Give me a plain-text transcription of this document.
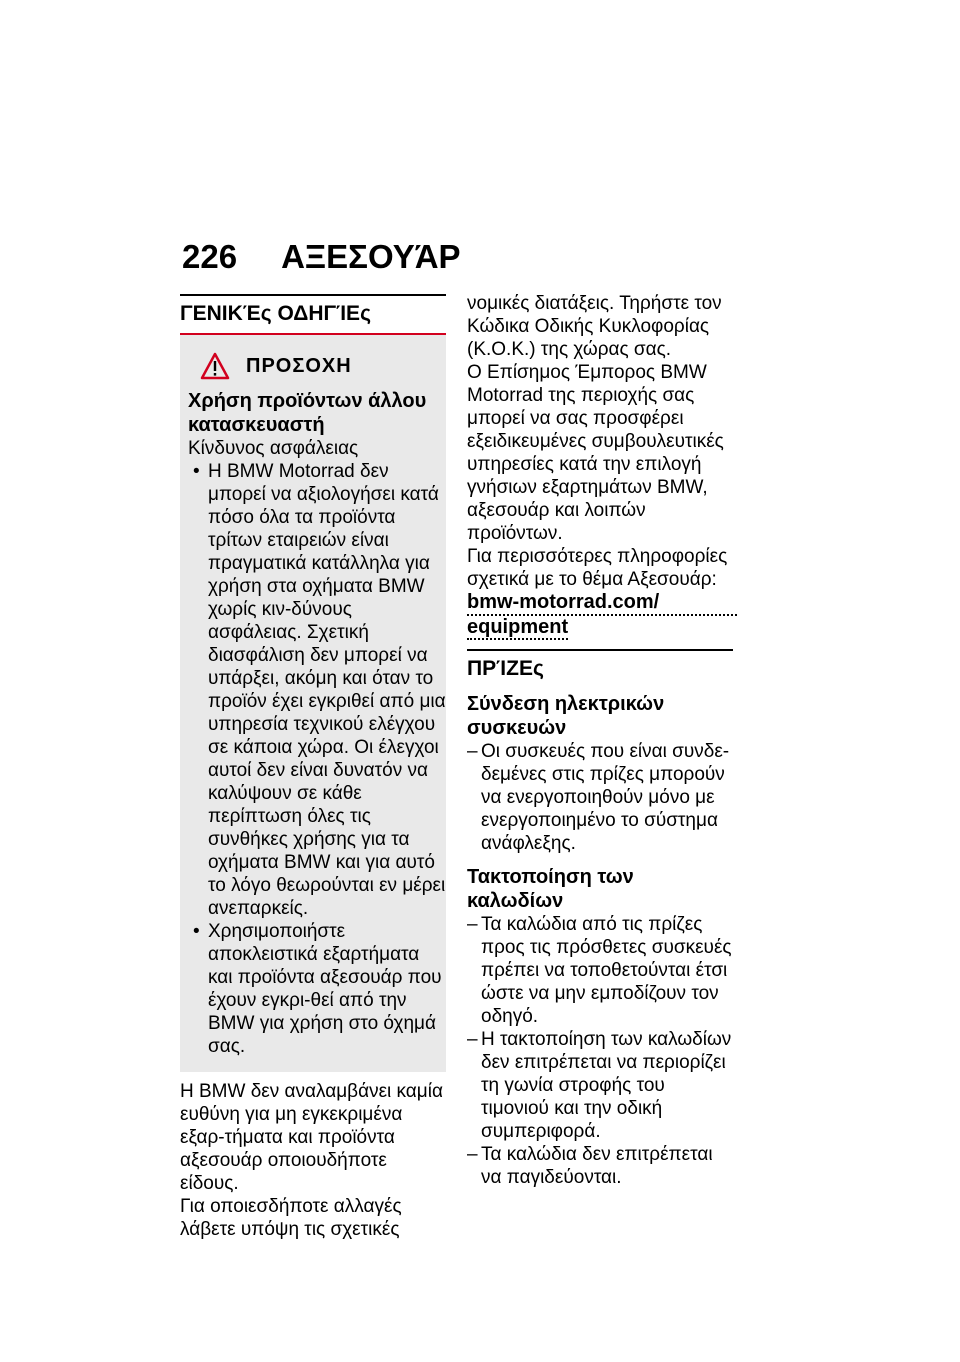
226 ΑΞΕΣΟΥΆΡ
ΓΕΝΙΚΈς ΟΔΗΓΊΕς
ΠΡΟΣΟΧΗ
Χρήση προϊόντων άλλου κατασκευαστή
Κίνδυνος ασφάλειας
• Η BMW Motorrad δεν μπορεί να αξιολογήσει κατά πόσο όλα τα προϊόντα τρίτων εταιρειών είναι πραγματικά κατάλληλα για χρήση στα οχήματα BMW χωρίς κιν-δύνους ασφάλειας. Σχετική διασφάλιση δεν μπορεί να υπάρξει, ακόμη και όταν το προϊόν έχει εγκριθεί από μια υπηρεσία τεχνικού ελέγχου σε κάποια χώρα. Οι έλεγχοι αυτοί δεν είναι δυνατόν να καλύψουν σε κάθε περίπτωση όλες τις συνθήκες χρήσης για τα οχήματα BMW και για αυτό το λόγο θεωρούνται εν μέρει ανεπαρκείς.
• Χρησιμοποιήστε αποκλειστικά εξαρτήματα και προϊόντα αξεσουάρ που έχουν εγκρι-θεί από την BMW για χρήση στο όχημά σας.
Η BMW δεν αναλαμβάνει καμία ευθύνη για μη εγκεκριμένα εξαρ-τήματα και προϊόντα αξεσουάρ οποιουδήποτε είδους.
Για οποιεσδήποτε αλλαγές λάβετε υπόψη τις σχετικές
νομικές διατάξεις. Τηρήστε τον Κώδικα Οδικής Κυκλοφορίας (Κ.Ο.Κ.) της χώρας σας.
Ο Επίσημος Έμπορος BMW Motorrad της περιοχής σας μπορεί να σας προσφέρει εξειδικευμένες συμβουλευτικές υπηρεσίες κατά την επιλογή γνήσιων εξαρτημάτων BMW, αξεσουάρ και λοιπών προϊόντων.
Για περισσότερες πληροφορίες σχετικά με το θέμα Αξεσουάρ:
bmw-motorrad.com/
equipment
ΠΡΊΖΕς
Σύνδεση ηλεκτρικών συσκευών
– Οι συσκευές που είναι συνδε-δεμένες στις πρίζες μπορούν να ενεργοποιηθούν μόνο με ενεργοποιημένο το σύστημα ανάφλεξης.
Τακτοποίηση των καλωδίων
– Τα καλώδια από τις πρίζες προς τις πρόσθετες συσκευές πρέπει να τοποθετούνται έτσι ώστε να μην εμποδίζουν τον οδηγό.
– Η τακτοποίηση των καλωδίων δεν επιτρέπεται να περιορίζει τη γωνία στροφής του τιμονιού και την οδική συμπεριφορά.
– Τα καλώδια δεν επιτρέπεται να παγιδεύονται.
